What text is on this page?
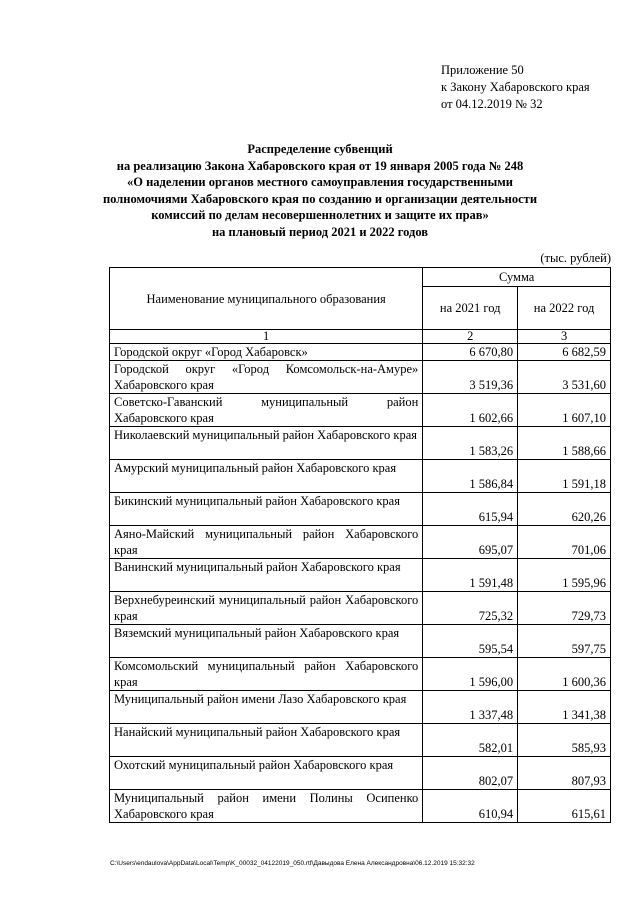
Приложение 50
к Закону Хабаровского края
от 04.12.2019 № 32
Распределение субвенций
на реализацию Закона Хабаровского края от 19 января 2005 года № 248
«О наделении органов местного самоуправления государственными
полномочиями Хабаровского края по созданию и организации деятельности
комиссий по делам несовершеннолетних и защите их прав»
на плановый период 2021 и 2022 годов
(тыс. рублей)
Наименование муниципального образования	Сумма	
	на 2021 год	на 2022 год
1	2	3
Городской округ «Город Хабаровск»	6 670,80	6 682,59
Городской округ «Город Комсомольск-на-Амуре» Хабаровского края	3 519,36	3 531,60
Советско-Гаванский муниципальный район Хабаровского края	1 602,66	1 607,10
Николаевский муниципальный район Хабаровского края	1 583,26	1 588,66
Амурский муниципальный район Хабаровского края	1 586,84	1 591,18
Бикинский муниципальный район Хабаровского края	615,94	620,26
Аяно-Майский муниципальный район Хабаровского края	695,07	701,06
Ванинский муниципальный район Хабаровского края	1 591,48	1 595,96
Верхнебуреинский муниципальный район Хабаровского края	725,32	729,73
Вяземский муниципальный район Хабаровского края	595,54	597,75
Комсомольский муниципальный район Хабаровского края	1 596,00	1 600,36
Муниципальный район имени Лазо Хабаровского края	1 337,48	1 341,38
Нанайский муниципальный район Хабаровского края	582,01	585,93
Охотский муниципальный район Хабаровского края	802,07	807,93
Муниципальный район имени Полины Осипенко Хабаровского края	610,94	615,61
C:\Users\endaulova\AppData\Local\Temp\K_00032_04122019_050.rtf\Давыдова Елена Александровна\06.12.2019 15:32:32
